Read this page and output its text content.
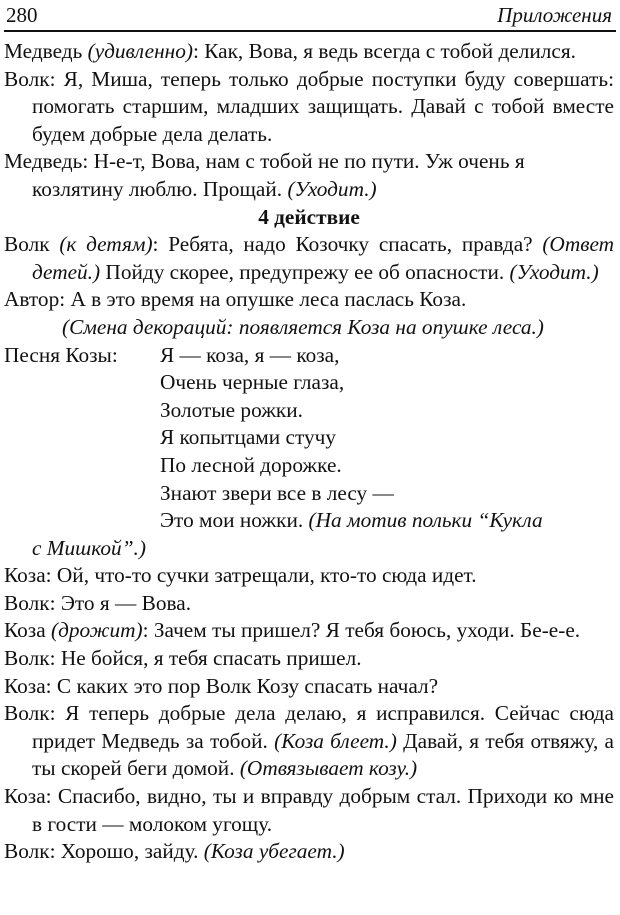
280	Приложения

Медведь (удивленно): Как, Вова, я ведь всегда с тобой делился.

Волк: Я, Миша, теперь только добрые поступки буду совершать: помогать старшим, младших защищать. Давай с тобой вместе будем добрые дела делать.

Медведь: Н-е-т, Вова, нам с тобой не по пути. Уж очень я козлятину люблю. Прощай. (Уходит.)

4 действие

Волк (к детям): Ребята, надо Козочку спасать, правда? (Ответ детей.) Пойду скорее, предупрежу ее об опасности. (Уходит.)

Автор: А в это время на опушке леса паслась Коза.

(Смена декораций: появляется Коза на опушке леса.)

Песня Козы:	Я — коза, я — коза,

Очень черные глаза,

Золотые рожки.

Я копытцами стучу

По лесной дорожке.

Знают звери все в лесу —

Это мои ножки. (На мотив польки “Кукла

с Мишкой”.)

Коза: Ой, что-то сучки затрещали, кто-то сюда идет.

Волк: Это я — Вова.

Коза (дрожит): Зачем ты пришел? Я тебя боюсь, уходи. Бе-е-е.

Волк: Не бойся, я тебя спасать пришел.

Коза: С каких это пор Волк Козу спасать начал?

Волк: Я теперь добрые дела делаю, я исправился. Сейчас сюда придет Медведь за тобой. (Коза блеет.) Давай, я тебя отвяжу, а ты скорей беги домой. (Отвязывает козу.)

Коза: Спасибо, видно, ты и вправду добрым стал. Приходи ко мне в гости — молоком угощу.

Волк: Хорошо, зайду. (Коза убегает.)
